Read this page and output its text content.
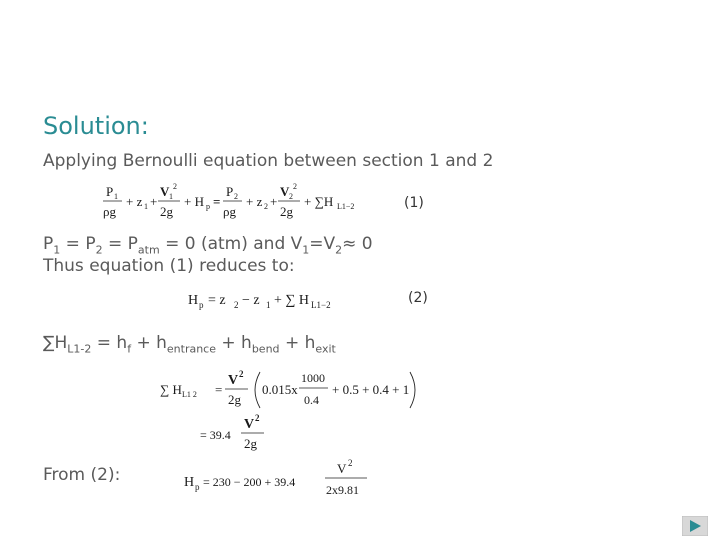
Solution:
Applying Bernoulli equation between section 1 and 2
P 1
ρg
+ z 1 +
V 1
2
2g
+ H p =
P 2
ρg
+ z 2 +
V 2
2
2g
+ ∑H L1−2	(1)
$P_1 = P_2 = P_{atm} = 0$ (atm) and $V_1=V_2\approx 0$
Thus equation (1) reduces to:
H p = z 2 − z 1 + ∑ H L1−2	(2)
$\sum H_{L1-2} = h_f + h_{entrance} + h_{bend} + h_{exit}$
∑ H L1 2 =
V 2
2g
0.015x
1000
0.4
+ 0.5 + 0.4 + 1
= 39.4
V 2
2g
From (2):	H p = 230 − 200 + 39.4
V 2
2x9.81
